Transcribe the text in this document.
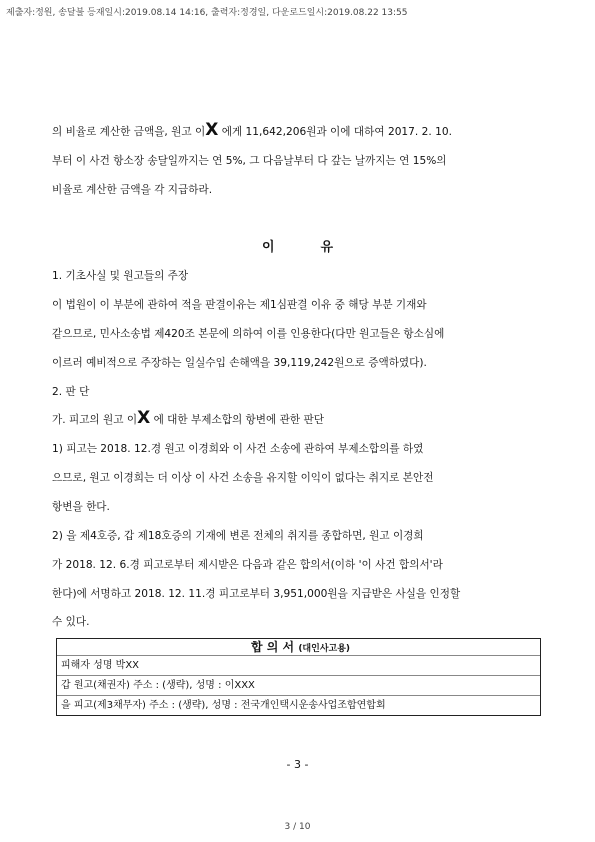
제출자:정원, 송달불 등재일시:2019.08.14 14:16, 출력자:정경일, 다운로드일시:2019.08.22 13:55
의 비율로 계산한 금액을, 원고 이X 에게 11,642,206원과 이에 대하여 2017. 2. 10.
부터 이 사건 항소장 송달일까지는 연 5%, 그 다음날부터 다 갚는 날까지는 연 15%의
비율로 계산한 금액을 각 지급하라.
이	유
1. 기초사실 및 원고들의 주장
이 법원이 이 부분에 관하여 적을 판결이유는 제1심판결 이유 중 해당 부분 기재와
같으므로, 민사소송법 제420조 본문에 의하여 이를 인용한다(다만 원고들은 항소심에
이르러 예비적으로 주장하는 일실수입 손해액을 39,119,242원으로 증액하였다).
2. 판 단
가. 피고의 원고 이X 에 대한 부제소합의 항변에 관한 판단
1) 피고는 2018. 12.경 원고 이경희와 이 사건 소송에 관하여 부제소합의를 하였
으므로, 원고 이경희는 더 이상 이 사건 소송을 유지할 이익이 없다는 취지로 본안전
항변을 한다.
2) 을 제4호증, 갑 제18호증의 기재에 변론 전체의 취지를 종합하면, 원고 이경희
가 2018. 12. 6.경 피고로부터 제시받은 다음과 같은 합의서(이하 '이 사건 합의서'라
한다)에 서명하고 2018. 12. 11.경 피고로부터 3,951,000원을 지급받은 사실을 인정할
수 있다.
합 의 서 (대인사고용)
피해자 성명 박XX
갑 원고(채권자) 주소 : (생략), 성명 : 이XXX
을 피고(제3채무자) 주소 : (생략), 성명 : 전국개인택시운송사업조합연합회
- 3 -
3 / 10
